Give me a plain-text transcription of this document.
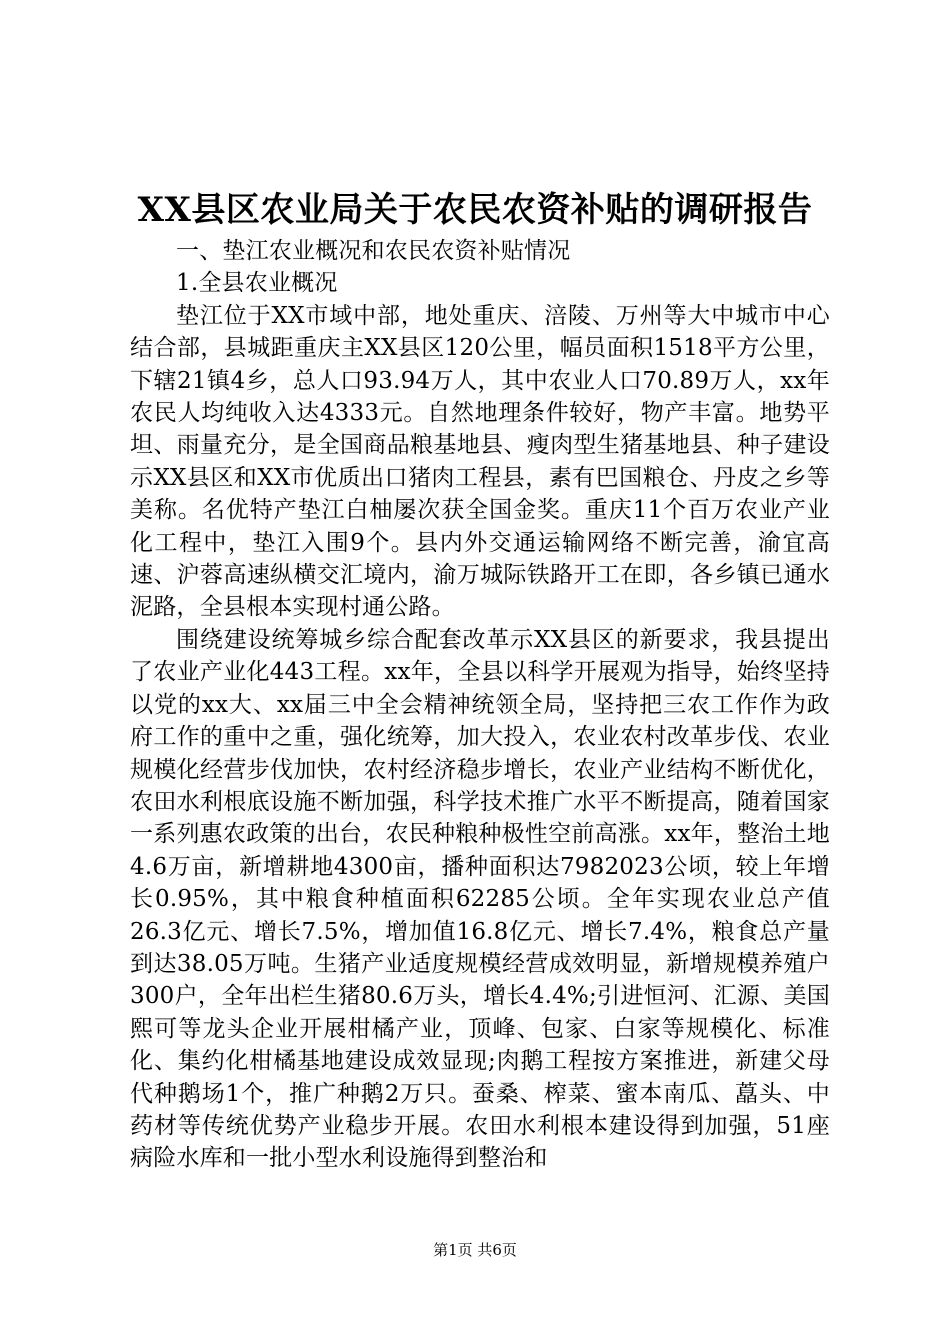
XX县区农业局关于农民农资补贴的调研报告

一、垫江农业概况和农民农资补贴情况

1.全县农业概况

垫江位于XX市域中部，地处重庆、涪陵、万州等大中城市中心结合部，县城距重庆主XX县区120公里，幅员面积1518平方公里，下辖21镇4乡，总人口93.94万人，其中农业人口70.89万人，xx年农民人均纯收入达4333元。自然地理条件较好，物产丰富。地势平坦、雨量充分，是全国商品粮基地县、瘦肉型生猪基地县、种子建设示XX县区和XX市优质出口猪肉工程县，素有巴国粮仓、丹皮之乡等美称。名优特产垫江白柚屡次获全国金奖。重庆11个百万农业产业化工程中，垫江入围9个。县内外交通运输网络不断完善，渝宜高速、沪蓉高速纵横交汇境内，渝万城际铁路开工在即，各乡镇已通水泥路，全县根本实现村通公路。

围绕建设统筹城乡综合配套改革示XX县区的新要求，我县提出了农业产业化443工程。xx年，全县以科学开展观为指导，始终坚持以党的xx大、xx届三中全会精神统领全局，坚持把三农工作作为政府工作的重中之重，强化统筹，加大投入，农业农村改革步伐、农业规模化经营步伐加快，农村经济稳步增长，农业产业结构不断优化，农田水利根底设施不断加强，科学技术推广水平不断提高，随着国家一系列惠农政策的出台，农民种粮种极性空前高涨。xx年，整治土地4.6万亩，新增耕地4300亩，播种面积达7982023公顷，较上年增长0.95%，其中粮食种植面积62285公顷。全年实现农业总产值26.3亿元、增长7.5%，增加值16.8亿元、增长7.4%，粮食总产量到达38.05万吨。生猪产业适度规模经营成效明显，新增规模养殖户300户，全年出栏生猪80.6万头，增长4.4%;引进恒河、汇源、美国熙可等龙头企业开展柑橘产业，顶峰、包家、白家等规模化、标准化、集约化柑橘基地建设成效显现;肉鹅工程按方案推进，新建父母代种鹅场1个，推广种鹅2万只。蚕桑、榨菜、蜜本南瓜、藠头、中药材等传统优势产业稳步开展。农田水利根本建设得到加强，51座病险水库和一批小型水利设施得到整治和

第1页 共6页
